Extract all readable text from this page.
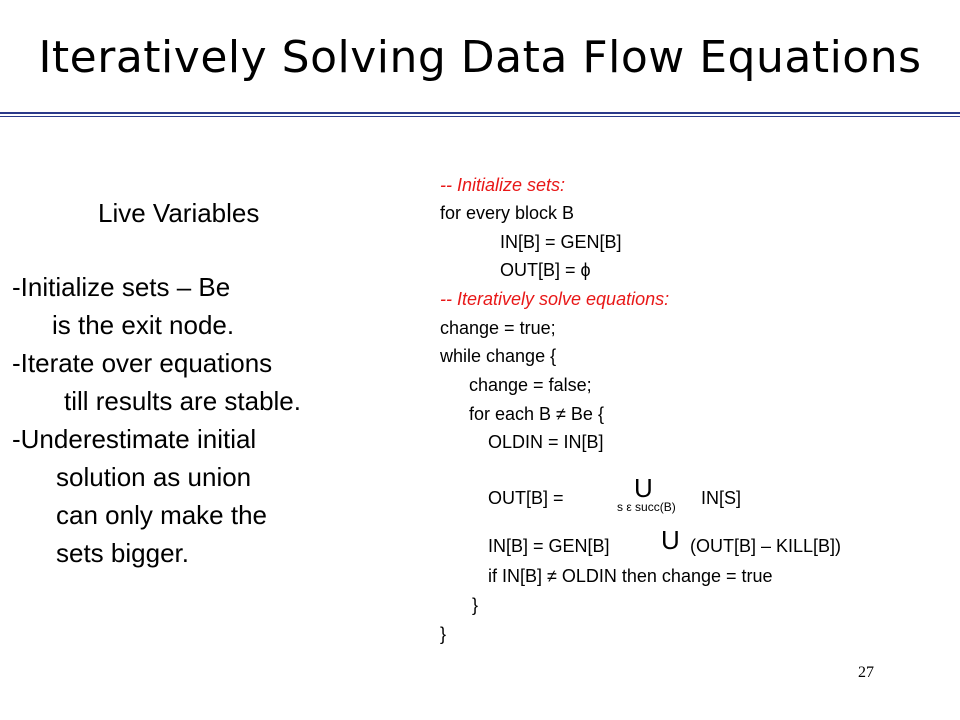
Iteratively Solving Data Flow Equations
Live Variables
-Initialize sets – Be
is the exit node.
-Iterate over equations
till results are stable.
-Underestimate initial
solution as union
can only make the
sets bigger.
-- Initialize sets:
for every block B
IN[B] = GEN[B]
OUT[B] = ϕ
-- Iteratively solve equations:
change = true;
while change {
change = false;
for each B ≠ Be {
OLDIN = IN[B]
OUT[B] =	U
s ε succ(B) IN[S]
IN[B] = GEN[B] U (OUT[B] – KILL[B])
if IN[B] ≠ OLDIN then change = true
}
}
27
